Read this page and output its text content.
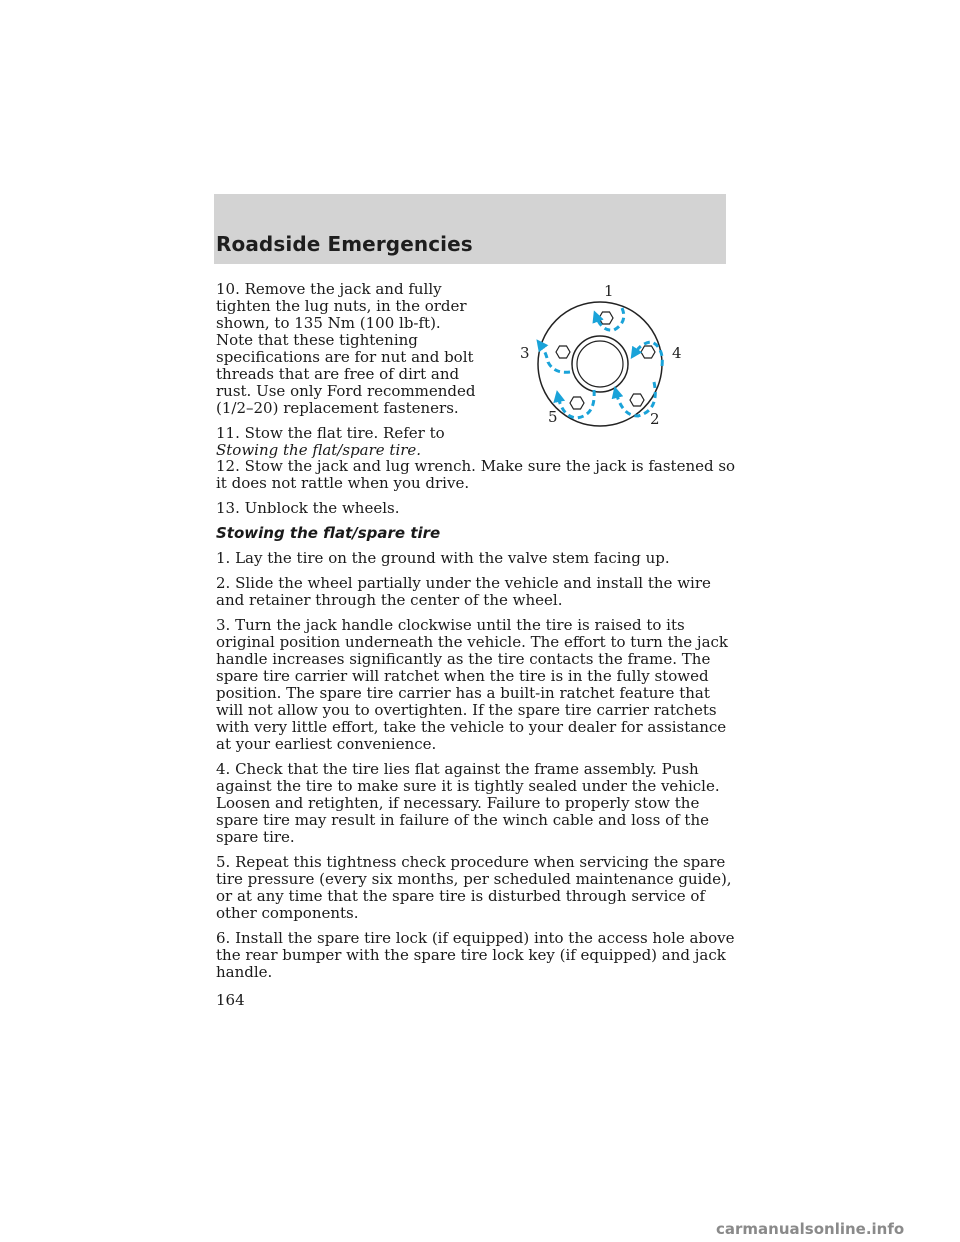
Roadside Emergencies

10. Remove the jack and fully tighten the lug nuts, in the order shown, to 135 Nm (100 lb-ft). Note that these tightening specifications are for nut and bolt threads that are free of dirt and rust. Use only Ford recommended (1/2–20) replacement fasteners.

11. Stow the flat tire. Refer to
Stowing the flat/spare tire.

1
2
3	4
5

12. Stow the jack and lug wrench. Make sure the jack is fastened so it does not rattle when you drive.

13. Unblock the wheels.

Stowing the flat/spare tire

1. Lay the tire on the ground with the valve stem facing up.

2. Slide the wheel partially under the vehicle and install the wire and retainer through the center of the wheel.

3. Turn the jack handle clockwise until the tire is raised to its original position underneath the vehicle. The effort to turn the jack handle increases significantly as the tire contacts the frame. The spare tire carrier will ratchet when the tire is in the fully stowed position. The spare tire carrier has a built-in ratchet feature that will not allow you to overtighten. If the spare tire carrier ratchets with very little effort, take the vehicle to your dealer for assistance at your earliest convenience.

4. Check that the tire lies flat against the frame assembly. Push against the tire to make sure it is tightly sealed under the vehicle. Loosen and retighten, if necessary. Failure to properly stow the spare tire may result in failure of the winch cable and loss of the spare tire.

5. Repeat this tightness check procedure when servicing the spare tire pressure (every six months, per scheduled maintenance guide), or at any time that the spare tire is disturbed through service of other components.

6. Install the spare tire lock (if equipped) into the access hole above the rear bumper with the spare tire lock key (if equipped) and jack handle.

164

carmanualsonline.info
